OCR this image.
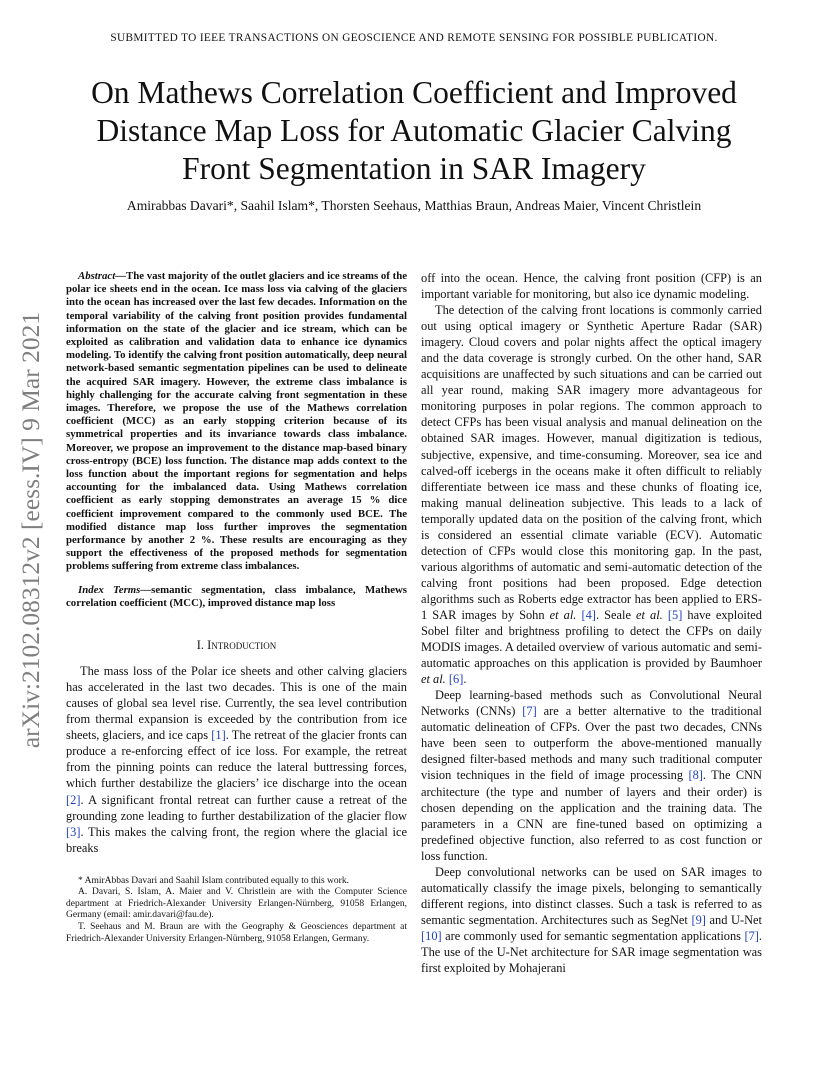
SUBMITTED TO IEEE TRANSACTIONS ON GEOSCIENCE AND REMOTE SENSING FOR POSSIBLE PUBLICATION.
On Mathews Correlation Coefficient and Improved
Distance Map Loss for Automatic Glacier Calving
Front Segmentation in SAR Imagery
Amirabbas Davari*, Saahil Islam*, Thorsten Seehaus, Matthias Braun, Andreas Maier, Vincent Christlein
arXiv:2102.08312v2 [eess.IV] 9 Mar 2021

Abstract—The vast majority of the outlet glaciers and ice streams of the polar ice sheets end in the ocean. Ice mass loss via calving of the glaciers into the ocean has increased over the last few decades. Information on the temporal variability of the calving front position provides fundamental information on the state of the glacier and ice stream, which can be exploited as calibration and validation data to enhance ice dynamics modeling. To identify the calving front position automatically, deep neural network-based semantic segmentation pipelines can be used to delineate the acquired SAR imagery. However, the extreme class imbalance is highly challenging for the accurate calving front segmentation in these images. Therefore, we propose the use of the Mathews correlation coefficient (MCC) as an early stopping criterion because of its symmetrical properties and its invariance towards class imbalance. Moreover, we propose an improvement to the distance map-based binary cross-entropy (BCE) loss function. The distance map adds context to the loss function about the important regions for segmentation and helps accounting for the imbalanced data. Using Mathews correlation coefficient as early stopping demonstrates an average 15 % dice coefficient improvement compared to the commonly used BCE. The modified distance map loss further improves the segmentation performance by another 2 %. These results are encouraging as they support the effectiveness of the proposed methods for segmentation problems suffering from extreme class imbalances.

Index Terms—semantic segmentation, class imbalance, Mathews correlation coefficient (MCC), improved distance map loss

I. Introduction

The mass loss of the Polar ice sheets and other calving glaciers has accelerated in the last two decades. This is one of the main causes of global sea level rise. Currently, the sea level contribution from thermal expansion is exceeded by the contribution from ice sheets, glaciers, and ice caps [1]. The retreat of the glacier fronts can produce a re-enforcing effect of ice loss. For example, the retreat from the pinning points can reduce the lateral buttressing forces, which further destabilize the glaciers’ ice discharge into the ocean [2]. A significant frontal retreat can further cause a retreat of the grounding zone leading to further destabilization of the glacier flow [3]. This makes the calving front, the region where the glacial ice breaks

* AmirAbbas Davari and Saahil Islam contributed equally to this work.

A. Davari, S. Islam, A. Maier and V. Christlein are with the Computer Science department at Friedrich-Alexander University Erlangen-Nürnberg, 91058 Erlangen, Germany (email: amir.davari@fau.de).

T. Seehaus and M. Braun are with the Geography & Geosciences department at Friedrich-Alexander University Erlangen-Nürnberg, 91058 Erlangen, Germany.

off into the ocean. Hence, the calving front position (CFP) is an important variable for monitoring, but also ice dynamic modeling.

The detection of the calving front locations is commonly carried out using optical imagery or Synthetic Aperture Radar (SAR) imagery. Cloud covers and polar nights affect the optical imagery and the data coverage is strongly curbed. On the other hand, SAR acquisitions are unaffected by such situations and can be carried out all year round, making SAR imagery more advantageous for monitoring purposes in polar regions. The common approach to detect CFPs has been visual analysis and manual delineation on the obtained SAR images. However, manual digitization is tedious, subjective, expensive, and time-consuming. Moreover, sea ice and calved-off icebergs in the oceans make it often difficult to reliably differentiate between ice mass and these chunks of floating ice, making manual delineation subjective. This leads to a lack of temporally updated data on the position of the calving front, which is considered an essential climate variable (ECV). Automatic detection of CFPs would close this monitoring gap. In the past, various algorithms of automatic and semi-automatic detection of the calving front positions had been proposed. Edge detection algorithms such as Roberts edge extractor has been applied to ERS-1 SAR images by Sohn et al. [4]. Seale et al. [5] have exploited Sobel filter and brightness profiling to detect the CFPs on daily MODIS images. A detailed overview of various automatic and semi-automatic approaches on this application is provided by Baumhoer et al. [6].

Deep learning-based methods such as Convolutional Neural Networks (CNNs) [7] are a better alternative to the traditional automatic delineation of CFPs. Over the past two decades, CNNs have been seen to outperform the above-mentioned manually designed filter-based methods and many such traditional computer vision techniques in the field of image processing [8]. The CNN architecture (the type and number of layers and their order) is chosen depending on the application and the training data. The parameters in a CNN are fine-tuned based on optimizing a predefined objective function, also referred to as cost function or loss function.

Deep convolutional networks can be used on SAR images to automatically classify the image pixels, belonging to semantically different regions, into distinct classes. Such a task is referred to as semantic segmentation. Architectures such as SegNet [9] and U-Net [10] are commonly used for semantic segmentation applications [7]. The use of the U-Net architecture for SAR image segmentation was first exploited by Mohajerani
